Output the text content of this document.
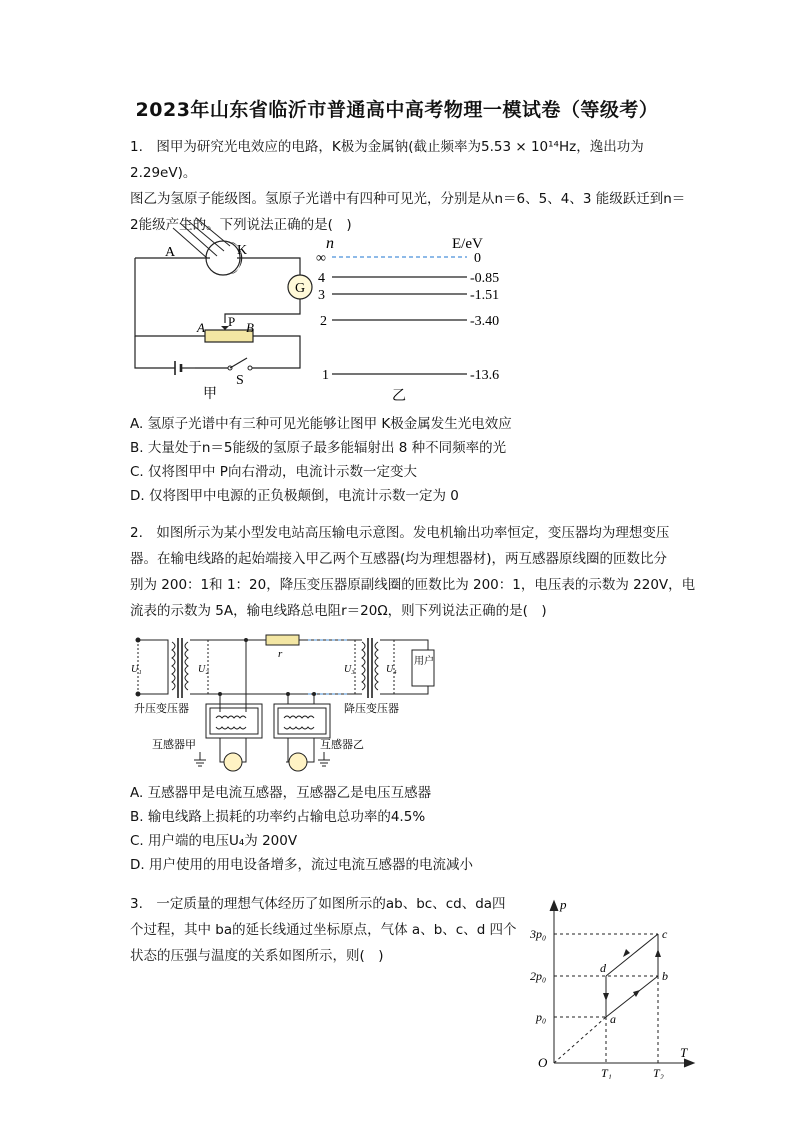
2023年山东省临沂市普通高中高考物理一模试卷（等级考）
1.　图甲为研究光电效应的电路，K极为金属钠(截止频率为5.53 × 10¹⁴Hz，逸出功为2.29eV)。
图乙为氢原子能级图。氢原子光谱中有四种可见光，分别是从n＝6、5、4、3 能级跃迁到n＝
2能级产生的。下列说法正确的是(　)
G
A	K
A P B
S
甲
n	E/eV
∞
4
3
2
1
0
-0.85
-1.51
-3.40
-13.6
乙
A. 氢原子光谱中有三种可见光能够让图甲 K极金属发生光电效应
B. 大量处于n＝5能级的氢原子最多能辐射出 8 种不同频率的光
C. 仅将图甲中 P向右滑动，电流计示数一定变大
D. 仅将图甲中电源的正负极颠倒，电流计示数一定为 0
2.　如图所示为某小型发电站高压输电示意图。发电机输出功率恒定，变压器均为理想变压
器。在输电线路的起始端接入甲乙两个互感器(均为理想器材)，两互感器原线圈的匝数比分
别为 200：1和 1：20，降压变压器原副线圈的匝数比为 200：1，电压表的示数为 220V，电
流表的示数为 5A，输电线路总电阻r＝20Ω，则下列说法正确的是(　)
r
U₁	U₂	U₃	U₄
用户
升压变压器	降压变压器
互感器甲	互感器乙
A. 互感器甲是电流互感器，互感器乙是电压互感器
B. 输电线路上损耗的功率约占输电总功率的4.5%
C. 用户端的电压U₄为 200V
D. 用户使用的用电设备增多，流过电流互感器的电流减小
3.　一定质量的理想气体经历了如图所示的ab、bc、cd、da四
个过程，其中 ba的延长线通过坐标原点，气体 a、b、c、d 四个
状态的压强与温度的关系如图所示，则(　)
3p₀
2p₀
p₀
p
T
O
T₁	T₂
a
b
c
d
